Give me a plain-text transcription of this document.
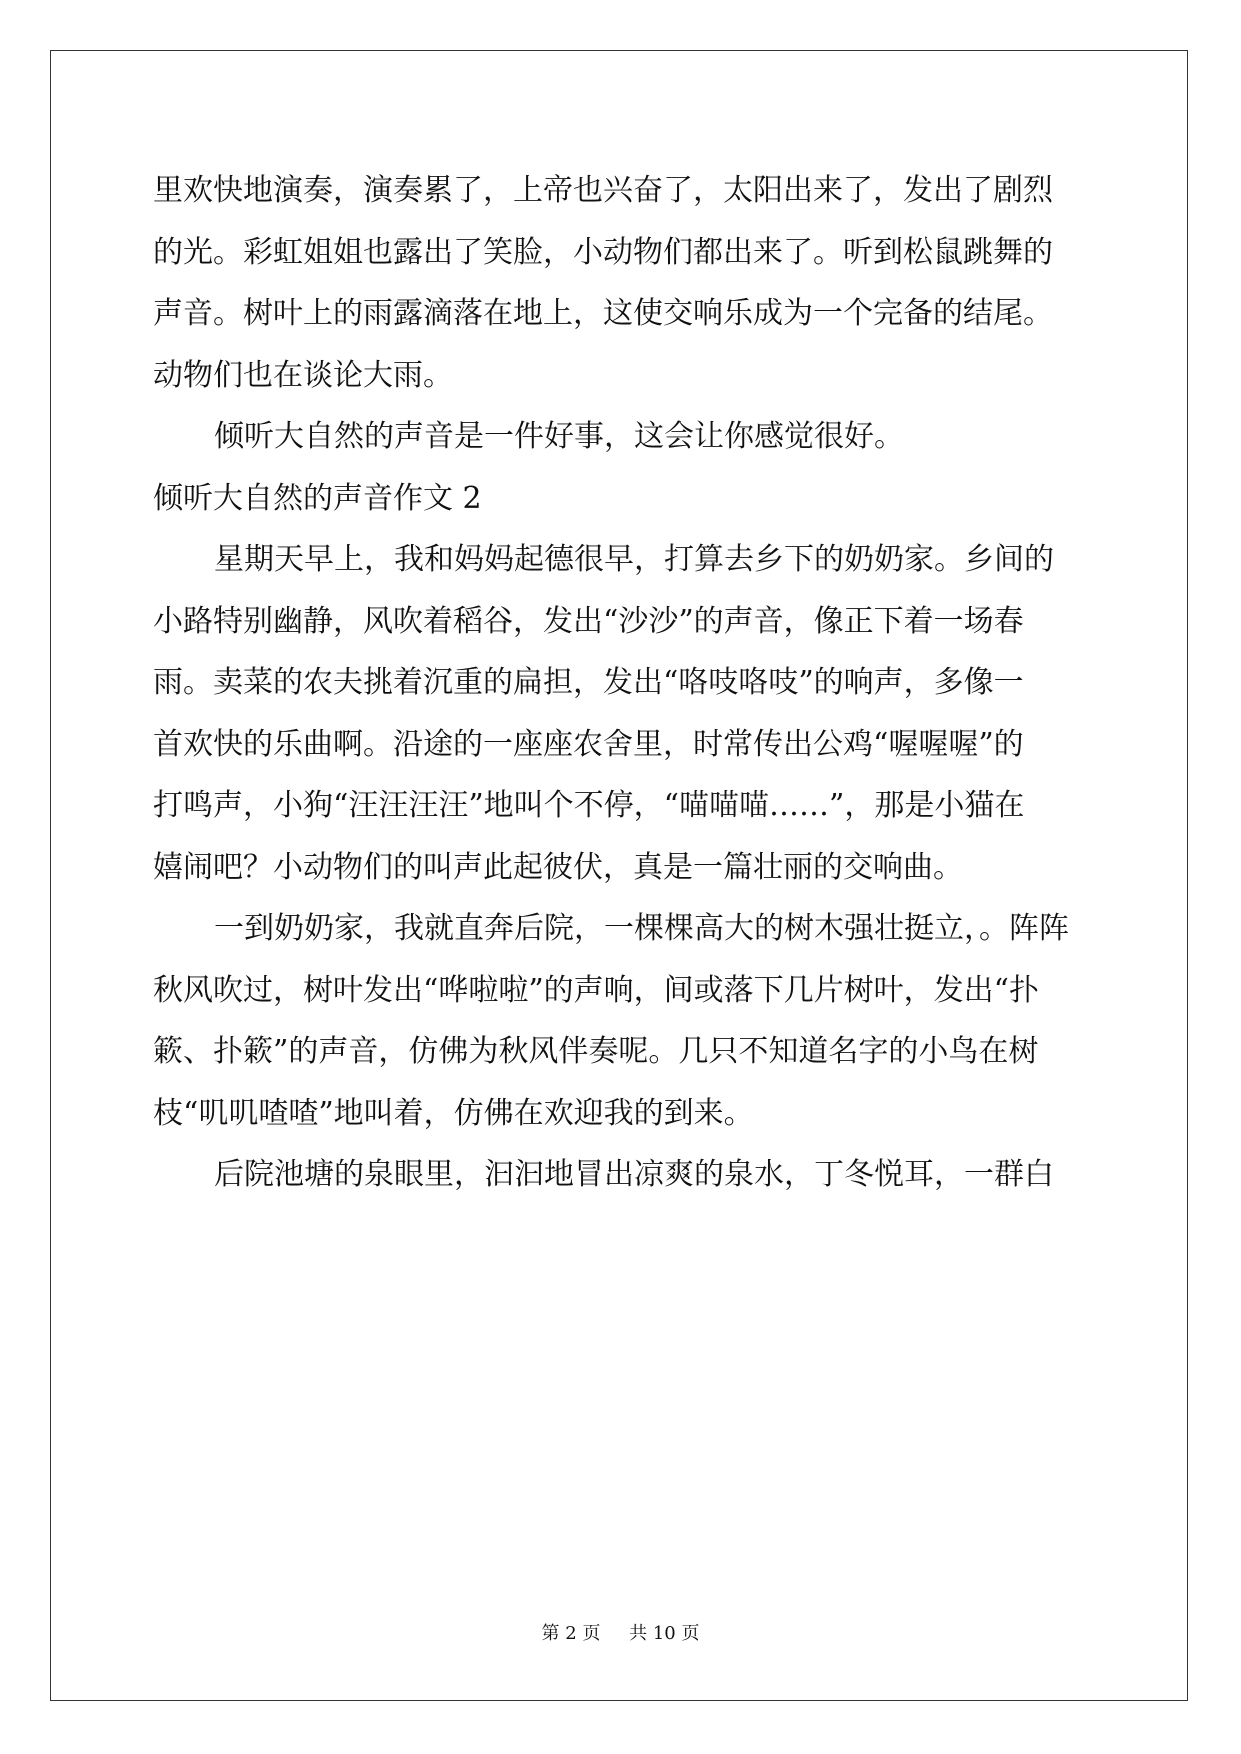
里欢快地演奏，演奏累了，上帝也兴奋了，太阳出来了，发出了剧烈

的光。彩虹姐姐也露出了笑脸，小动物们都出来了。听到松鼠跳舞的

声音。树叶上的雨露滴落在地上，这使交响乐成为一个完备的结尾。

动物们也在谈论大雨。

倾听大自然的声音是一件好事，这会让你感觉很好。

倾听大自然的声音作文 2

星期天早上，我和妈妈起德很早，打算去乡下的奶奶家。乡间的

小路特别幽静，风吹着稻谷，发出“沙沙”的声音，像正下着一场春

雨。卖菜的农夫挑着沉重的扁担，发出“咯吱咯吱”的响声，多像一

首欢快的乐曲啊。沿途的一座座农舍里，时常传出公鸡“喔喔喔”的

打鸣声，小狗“汪汪汪汪”地叫个不停，“喵喵喵……”，那是小猫在

嬉闹吧？小动物们的叫声此起彼伏，真是一篇壮丽的交响曲。

一到奶奶家，我就直奔后院，一棵棵高大的树木强壮挺立，。阵阵

秋风吹过，树叶发出“哗啦啦”的声响，间或落下几片树叶，发出“扑

簌、扑簌”的声音，仿佛为秋风伴奏呢。几只不知道名字的小鸟在树

枝“叽叽喳喳”地叫着，仿佛在欢迎我的到来。

后院池塘的泉眼里，汩汩地冒出凉爽的泉水，丁冬悦耳，一群白

第 2 页 共 10 页
